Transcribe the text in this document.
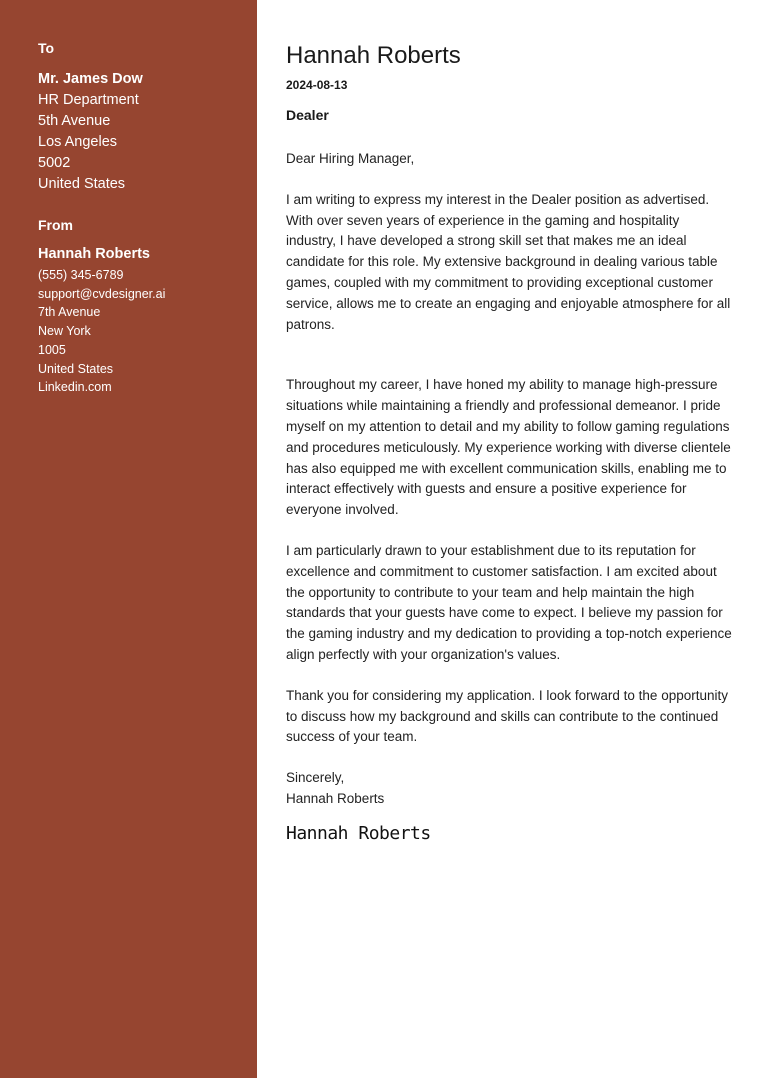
To
Mr. James Dow
HR Department
5th Avenue
Los Angeles
5002
United States
From
Hannah Roberts
(555) 345-6789
support@cvdesigner.ai
7th Avenue
New York
1005
United States
Linkedin.com
Hannah Roberts
2024-08-13
Dealer
Dear Hiring Manager,
I am writing to express my interest in the Dealer position as advertised. With over seven years of experience in the gaming and hospitality industry, I have developed a strong skill set that makes me an ideal candidate for this role. My extensive background in dealing various table games, coupled with my commitment to providing exceptional customer service, allows me to create an engaging and enjoyable atmosphere for all patrons.
Throughout my career, I have honed my ability to manage high-pressure situations while maintaining a friendly and professional demeanor. I pride myself on my attention to detail and my ability to follow gaming regulations and procedures meticulously. My experience working with diverse clientele has also equipped me with excellent communication skills, enabling me to interact effectively with guests and ensure a positive experience for everyone involved.
I am particularly drawn to your establishment due to its reputation for excellence and commitment to customer satisfaction. I am excited about the opportunity to contribute to your team and help maintain the high standards that your guests have come to expect. I believe my passion for the gaming industry and my dedication to providing a top-notch experience align perfectly with your organization's values.
Thank you for considering my application. I look forward to the opportunity to discuss how my background and skills can contribute to the continued success of your team.
Sincerely,
Hannah Roberts
Hannah Roberts
